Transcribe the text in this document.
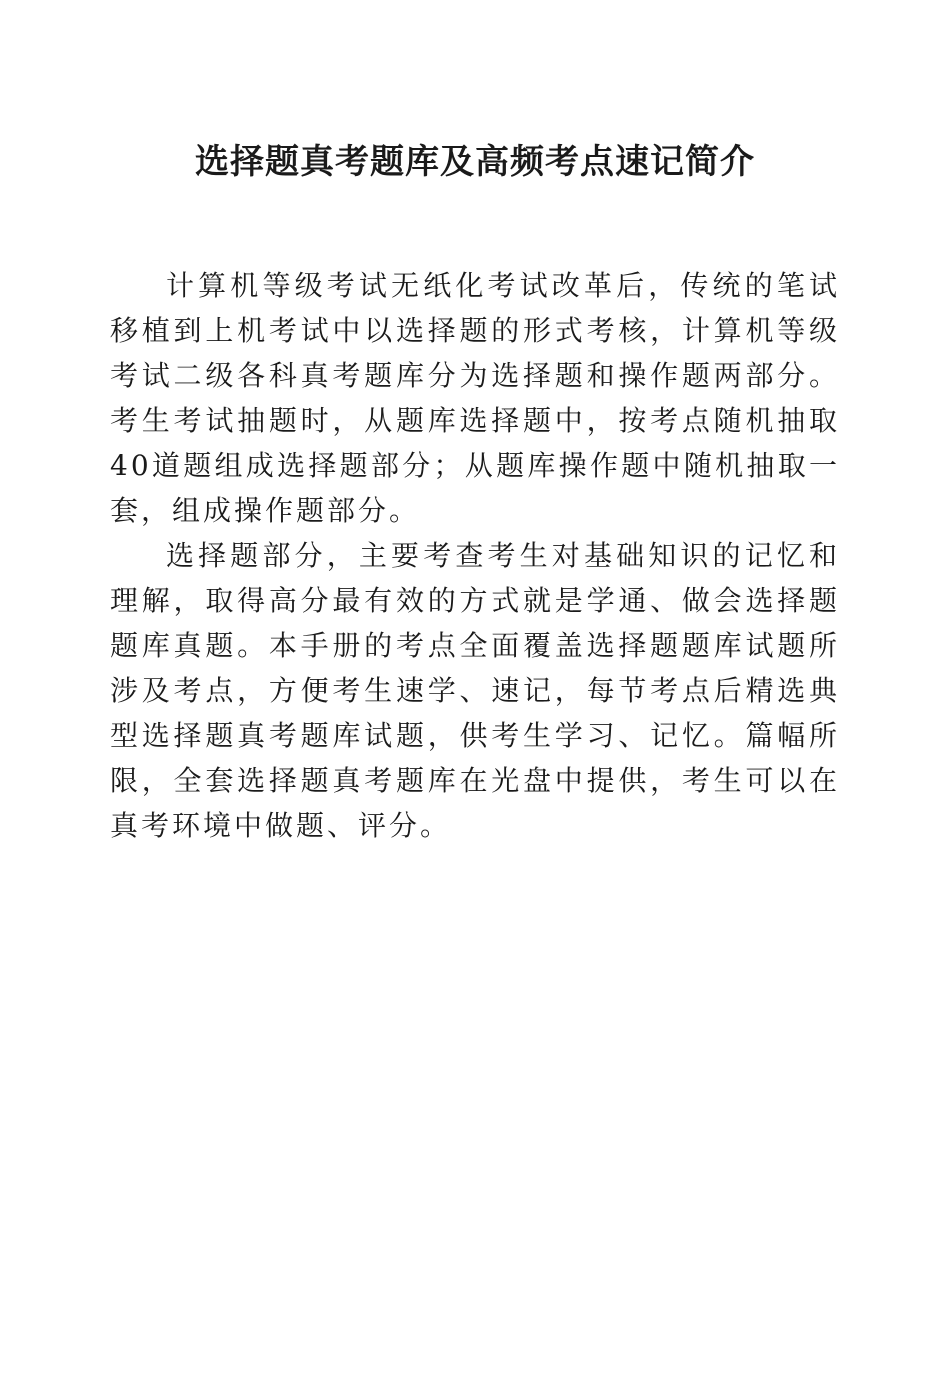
选择题真考题库及高频考点速记简介

计算机等级考试无纸化考试改革后，传统的笔试移植到上机考试中以选择题的形式考核，计算机等级考试二级各科真考题库分为选择题和操作题两部分。考生考试抽题时，从题库选择题中，按考点随机抽取40道题组成选择题部分；从题库操作题中随机抽取一套，组成操作题部分。

选择题部分，主要考查考生对基础知识的记忆和理解，取得高分最有效的方式就是学通、做会选择题题库真题。本手册的考点全面覆盖选择题题库试题所涉及考点，方便考生速学、速记，每节考点后精选典型选择题真考题库试题，供考生学习、记忆。篇幅所限，全套选择题真考题库在光盘中提供，考生可以在真考环境中做题、评分。
